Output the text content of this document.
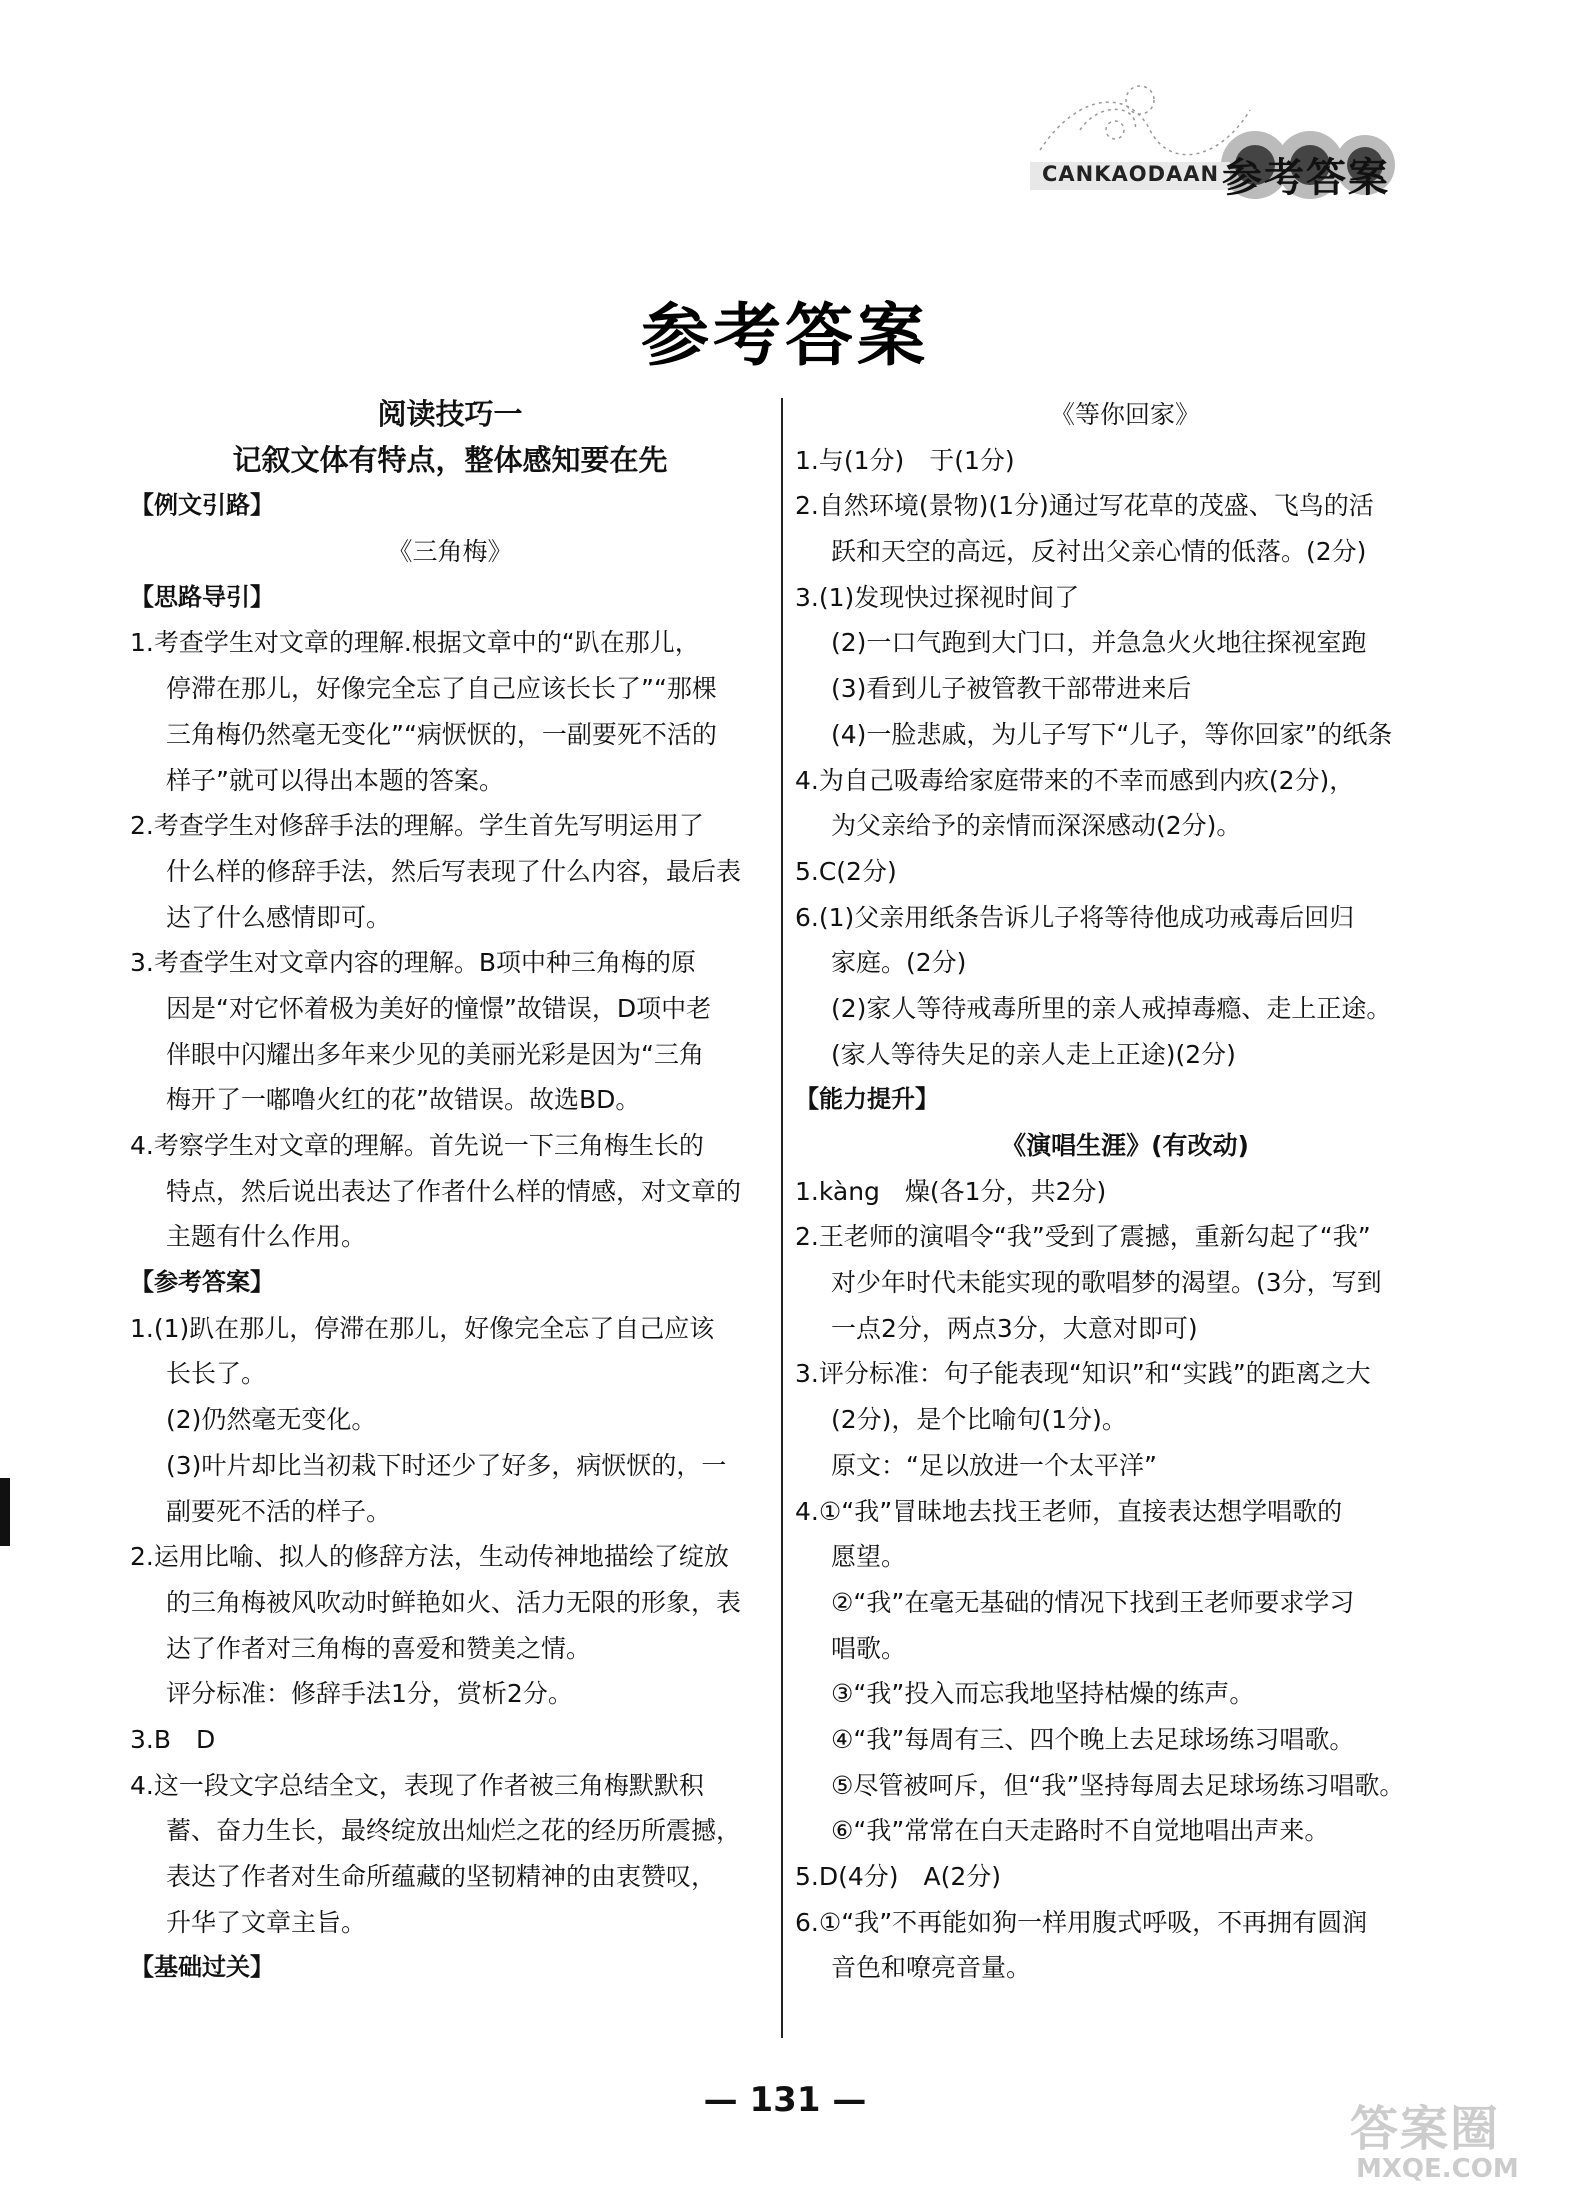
CANKAODAAN 参考答案
参考答案
阅读技巧一
记叙文体有特点，整体感知要在先
【例文引路】
《三角梅》
【思路导引】
1.考查学生对文章的理解.根据文章中的“趴在那儿，
停滞在那儿，好像完全忘了自己应该长长了”“那棵
三角梅仍然毫无变化”“病恹恹的，一副要死不活的
样子”就可以得出本题的答案。
2.考查学生对修辞手法的理解。学生首先写明运用了
什么样的修辞手法，然后写表现了什么内容，最后表
达了什么感情即可。
3.考查学生对文章内容的理解。B项中种三角梅的原
因是“对它怀着极为美好的憧憬”故错误，D项中老
伴眼中闪耀出多年来少见的美丽光彩是因为“三角
梅开了一嘟噜火红的花”故错误。故选BD。
4.考察学生对文章的理解。首先说一下三角梅生长的
特点，然后说出表达了作者什么样的情感，对文章的
主题有什么作用。
【参考答案】
1.(1)趴在那儿，停滞在那儿，好像完全忘了自己应该
长长了。
(2)仍然毫无变化。
(3)叶片却比当初栽下时还少了好多，病恹恹的，一
副要死不活的样子。
2.运用比喻、拟人的修辞方法，生动传神地描绘了绽放
的三角梅被风吹动时鲜艳如火、活力无限的形象，表
达了作者对三角梅的喜爱和赞美之情。
评分标准：修辞手法1分，赏析2分。
3.B　D
4.这一段文字总结全文，表现了作者被三角梅默默积
蓄、奋力生长，最终绽放出灿烂之花的经历所震撼，
表达了作者对生命所蕴藏的坚韧精神的由衷赞叹，
升华了文章主旨。
【基础过关】
《等你回家》
1.与(1分)　于(1分)
2.自然环境(景物)(1分)通过写花草的茂盛、飞鸟的活
跃和天空的高远，反衬出父亲心情的低落。(2分)
3.(1)发现快过探视时间了
(2)一口气跑到大门口，并急急火火地往探视室跑
(3)看到儿子被管教干部带进来后
(4)一脸悲戚，为儿子写下“儿子，等你回家”的纸条
4.为自己吸毒给家庭带来的不幸而感到内疚(2分)，
为父亲给予的亲情而深深感动(2分)。
5.C(2分)
6.(1)父亲用纸条告诉儿子将等待他成功戒毒后回归
家庭。(2分)
(2)家人等待戒毒所里的亲人戒掉毒瘾、走上正途。
(家人等待失足的亲人走上正途)(2分)
【能力提升】
《演唱生涯》(有改动)
1.kàng　燥(各1分，共2分)
2.王老师的演唱令“我”受到了震撼，重新勾起了“我”
对少年时代未能实现的歌唱梦的渴望。(3分，写到
一点2分，两点3分，大意对即可)
3.评分标准：句子能表现“知识”和“实践”的距离之大
(2分)，是个比喻句(1分)。
原文：“足以放进一个太平洋”
4.①“我”冒昧地去找王老师，直接表达想学唱歌的
愿望。
②“我”在毫无基础的情况下找到王老师要求学习
唱歌。
③“我”投入而忘我地坚持枯燥的练声。
④“我”每周有三、四个晚上去足球场练习唱歌。
⑤尽管被呵斥，但“我”坚持每周去足球场练习唱歌。
⑥“我”常常在白天走路时不自觉地唱出声来。
5.D(4分)　A(2分)
6.①“我”不再能如狗一样用腹式呼吸，不再拥有圆润
音色和嘹亮音量。
— 131 —
答案圈
MXQE.COM
